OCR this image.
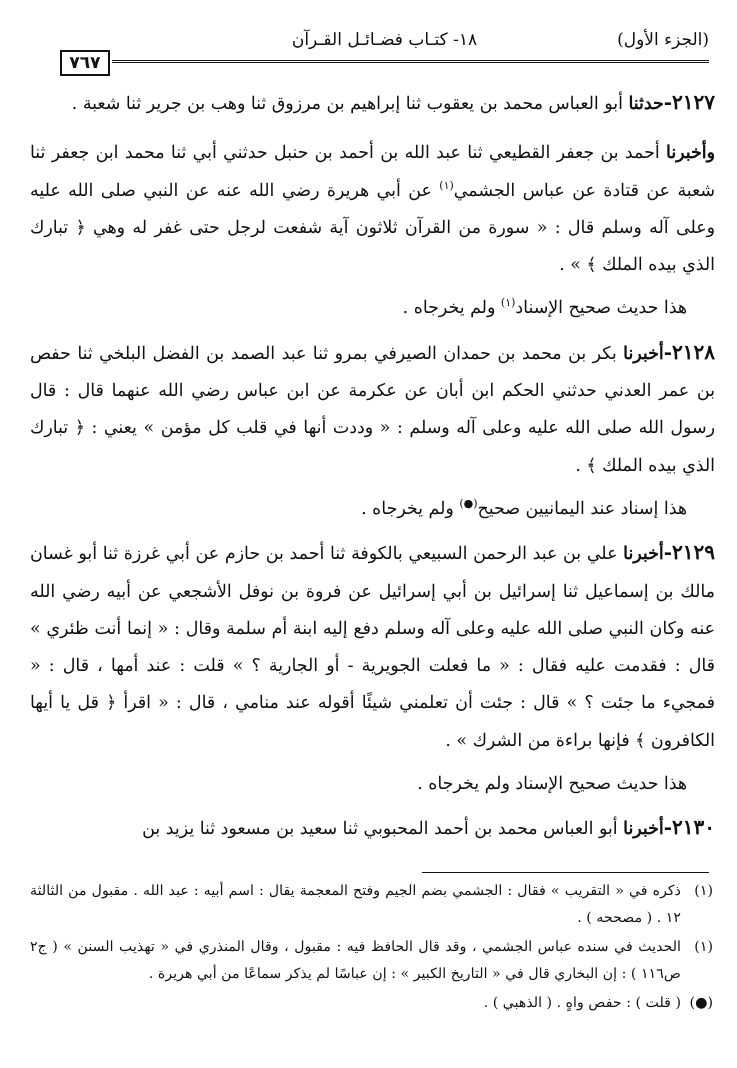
(الجزء الأول)
١٨- كتـاب فضـائـل القـرآن
٧٦٧

٢١٢٧-حدثنا أبو العباس محمد بن يعقوب ثنا إبراهيم بن مرزوق ثنا وهب بن جرير ثنا شعبة .

وأخبرنا أحمد بن جعفر القطيعي ثنا عبد الله بن أحمد بن حنبل حدثني أبي ثنا محمد ابن جعفر ثنا شعبة عن قتادة عن عباس الجشمي$^{(١)}$ عن أبي هريرة رضي الله عنه عن النبي صلى الله عليه وعلى آله وسلم قال : « سورة من القرآن ثلاثون آية شفعت لرجل حتى غفر له وهي ﴿ تبارك الذي بيده الملك ﴾ » .

هذا حديث صحيح الإسناد$^{(١)}$ ولم يخرجاه .

٢١٢٨-أخبرنا بكر بن محمد بن حمدان الصيرفي بمرو ثنا عبد الصمد بن الفضل البلخي ثنا حفص بن عمر العدني حدثني الحكم ابن أبان عن عكرمة عن ابن عباس رضي الله عنهما قال : قال رسول الله صلى الله عليه وعلى آله وسلم : « وددت أنها في قلب كل مؤمن » يعني : ﴿ تبارك الذي بيده الملك ﴾ .

هذا إسناد عند اليمانيين صحيح(●) ولم يخرجاه .

٢١٢٩-أخبرنا علي بن عبد الرحمن السبيعي بالكوفة ثنا أحمد بن حازم عن أبي غرزة ثنا أبو غسان مالك بن إسماعيل ثنا إسرائيل بن أبي إسرائيل عن فروة بن نوفل الأشجعي عن أبيه رضي الله عنه وكان النبي صلى الله عليه وعلى آله وسلم دفع إليه ابنة أم سلمة وقال : « إنما أنت ظئري » قال : فقدمت عليه فقال : « ما فعلت الجويرية - أو الجارية ؟ » قلت : عند أمها ، قال : « فمجيء ما جئت ؟ » قال : جئت أن تعلمني شيئًا أقوله عند منامي ، قال : « اقرأ ﴿ قل يا أيها الكافرون ﴾ فإنها براءة من الشرك » .

هذا حديث صحيح الإسناد ولم يخرجاه .

٢١٣٠-أخبرنا أبو العباس محمد بن أحمد المحبوبي ثنا سعيد بن مسعود ثنا يزيد بن

(١)
ذكره في « التقريب » فقال : الجشمي بضم الجيم وفتح المعجمة يقال : اسم أبيه : عبد الله . مقبول من الثالثة ١٢ . ( مصححه ) .
(١)
الحديث في سنده عباس الجشمي ، وقد قال الحافظ فيه : مقبول ، وقال المنذري في « تهذيب السنن » ( ج٢ ص١١٦ ) : إن البخاري قال في « التاريخ الكبير » : إن عباسًا لم يذكر سماعًا من أبي هريرة .
(●)
( قلت ) : حفص واهٍ . ( الذهبي ) .
